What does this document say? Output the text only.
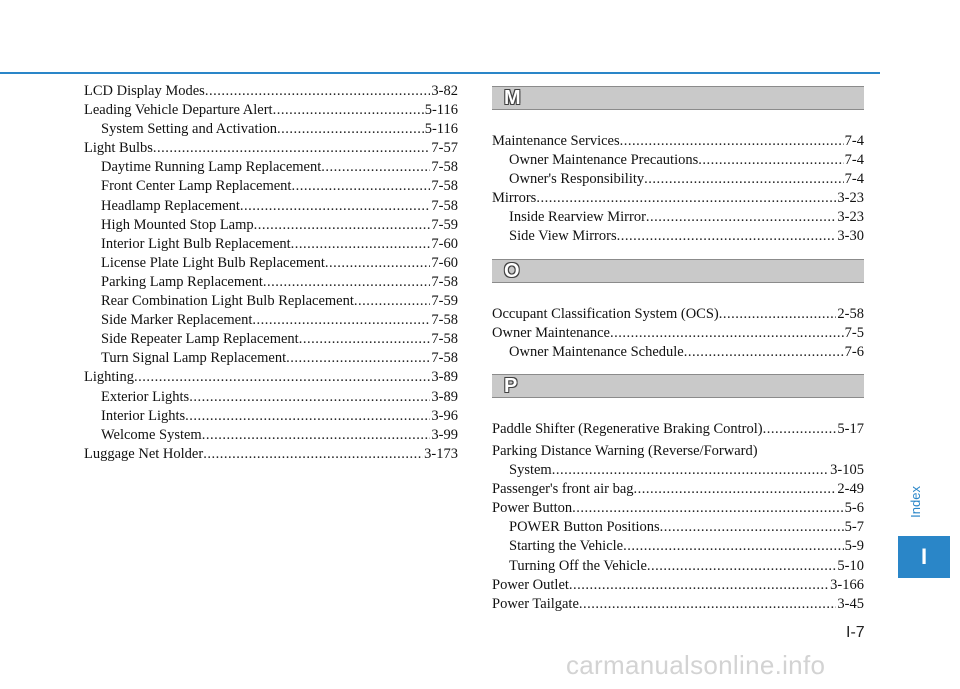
LCD Display Modes .....	3-82
Leading Vehicle Departure Alert .....	5-116
System Setting and Activation .....	5-116
Light Bulbs .....	7-57
Daytime Running Lamp Replacement .....	7-58
Front Center Lamp Replacement .....	7-58
Headlamp Replacement .....	7-58
High Mounted Stop Lamp .....	7-59
Interior Light Bulb Replacement .....	7-60
License Plate Light Bulb Replacement .....	7-60
Parking Lamp Replacement .....	7-58
Rear Combination Light Bulb Replacement .....	7-59
Side Marker Replacement .....	7-58
Side Repeater Lamp Replacement .....	7-58
Turn Signal Lamp Replacement .....	7-58
Lighting .....	3-89
Exterior Lights .....	3-89
Interior Lights .....	3-96
Welcome System .....	3-99
Luggage Net Holder .....	3-173
M
Maintenance Services .....	7-4
Owner Maintenance Precautions .....	7-4
Owner's Responsibility .....	7-4
Mirrors .....	3-23
Inside Rearview Mirror .....	3-23
Side View Mirrors .....	3-30
O
Occupant Classification System (OCS) .....	2-58
Owner Maintenance .....	7-5
Owner Maintenance Schedule .....	7-6
P
Paddle Shifter (Regenerative Braking Control) .....	5-17
Parking Distance Warning (Reverse/Forward)
System .....	3-105
Passenger's front air bag .....	2-49
Power Button .....	5-6
POWER Button Positions .....	5-7
Starting the Vehicle .....	5-9
Turning Off the Vehicle .....	5-10
Power Outlet .....	3-166
Power Tailgate .....	3-45
Index
I
I-7
carmanualsonline.info
